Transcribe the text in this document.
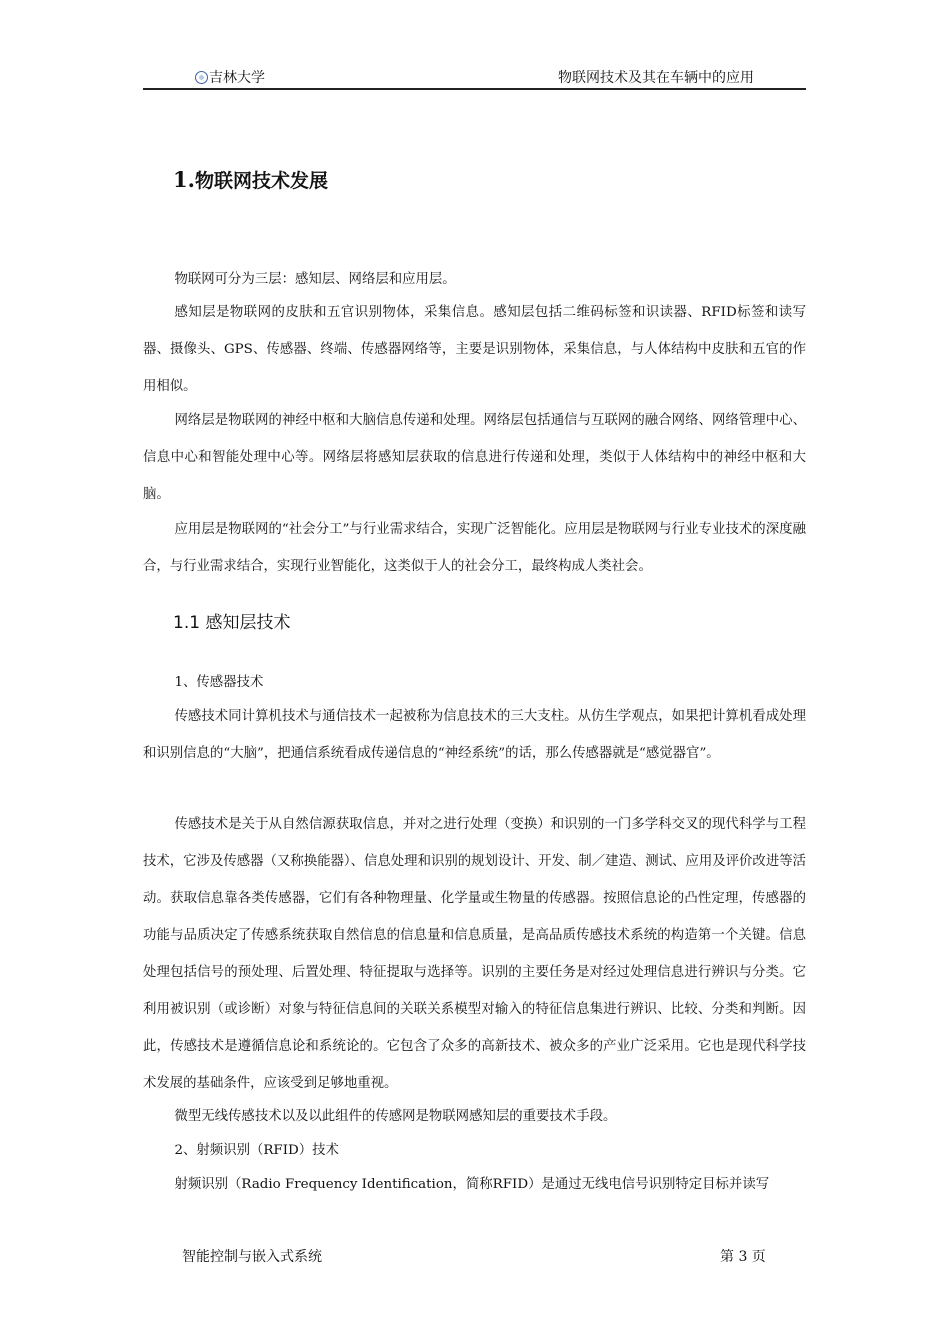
吉林大学	物联网技术及其在车辆中的应用
1.物联网技术发展

物联网可分为三层：感知层、网络层和应用层。

感知层是物联网的皮肤和五官识别物体，采集信息。感知层包括二维码标签和识读器、RFID标签和读写器、摄像头、GPS、传感器、终端、传感器网络等，主要是识别物体，采集信息，与人体结构中皮肤和五官的作用相似。

网络层是物联网的神经中枢和大脑信息传递和处理。网络层包括通信与互联网的融合网络、网络管理中心、信息中心和智能处理中心等。网络层将感知层获取的信息进行传递和处理，类似于人体结构中的神经中枢和大脑。

应用层是物联网的“社会分工”与行业需求结合，实现广泛智能化。应用层是物联网与行业专业技术的深度融合，与行业需求结合，实现行业智能化，这类似于人的社会分工，最终构成人类社会。

1.1 感知层技术

1、传感器技术

传感技术同计算机技术与通信技术一起被称为信息技术的三大支柱。从仿生学观点，如果把计算机看成处理和识别信息的“大脑”，把通信系统看成传递信息的“神经系统”的话，那么传感器就是“感觉器官”。

传感技术是关于从自然信源获取信息，并对之进行处理（变换）和识别的一门多学科交叉的现代科学与工程技术，它涉及传感器（又称换能器）、信息处理和识别的规划设计、开发、制／建造、测试、应用及评价改进等活动。获取信息靠各类传感器，它们有各种物理量、化学量或生物量的传感器。按照信息论的凸性定理，传感器的功能与品质决定了传感系统获取自然信息的信息量和信息质量，是高品质传感技术系统的构造第一个关键。信息处理包括信号的预处理、后置处理、特征提取与选择等。识别的主要任务是对经过处理信息进行辨识与分类。它利用被识别（或诊断）对象与特征信息间的关联关系模型对输入的特征信息集进行辨识、比较、分类和判断。因此，传感技术是遵循信息论和系统论的。它包含了众多的高新技术、被众多的产业广泛采用。它也是现代科学技术发展的基础条件，应该受到足够地重视。

微型无线传感技术以及以此组件的传感网是物联网感知层的重要技术手段。

2、射频识别（RFID）技术

射频识别（Radio Frequency Identification，简称RFID）是通过无线电信号识别特定目标并读写

智能控制与嵌入式系统	第 3 页
